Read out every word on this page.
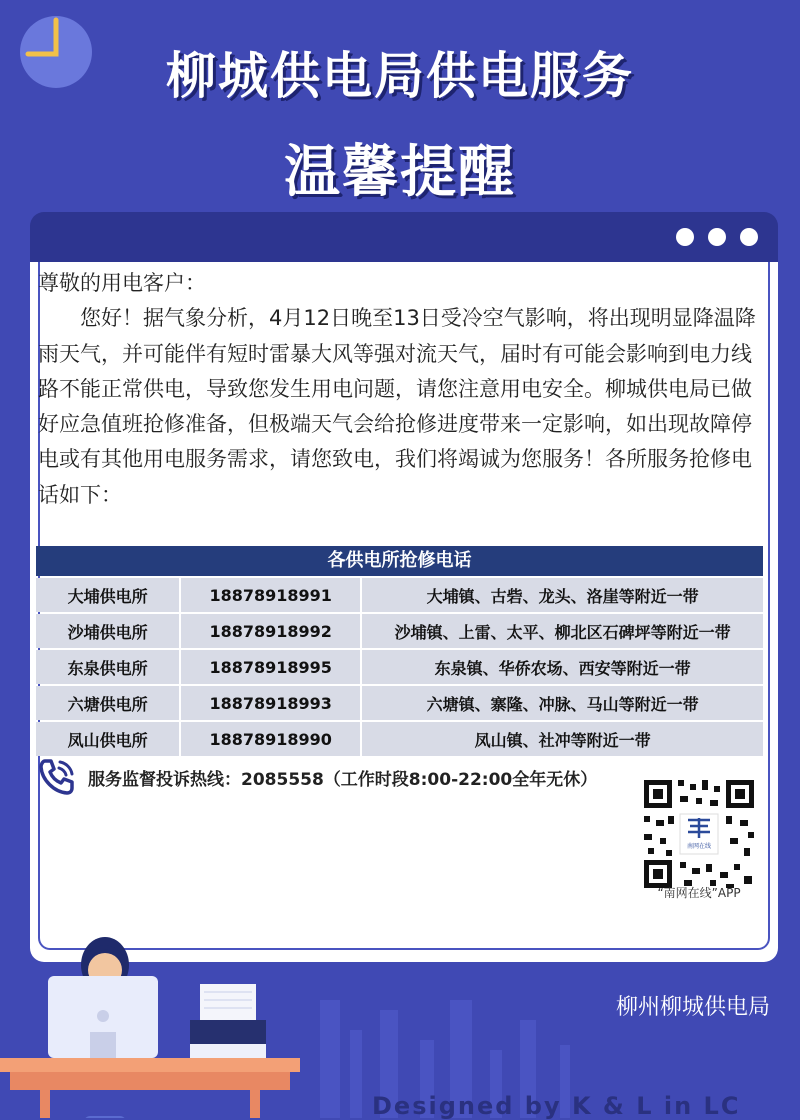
柳城供电局供电服务
温馨提醒

尊敬的用电客户：

您好！据气象分析，4月12日晚至13日受冷空气影响，将出现明显降温降雨天气，并可能伴有短时雷暴大风等强对流天气，届时有可能会影响到电力线路不能正常供电，导致您发生用电问题，请您注意用电安全。柳城供电局已做好应急值班抢修准备，但极端天气会给抢修进度带来一定影响，如出现故障停电或有其他用电服务需求，请您致电，我们将竭诚为您服务！各所服务抢修电话如下：

各供电所抢修电话
大埔供电所	18878918991	大埔镇、古砦、龙头、洛崖等附近一带
沙埔供电所	18878918992	沙埔镇、上雷、太平、柳北区石碑坪等附近一带
东泉供电所	18878918995	东泉镇、华侨农场、西安等附近一带
六塘供电所	18878918993	六塘镇、寨隆、冲脉、马山等附近一带
凤山供电所	18878918990	凤山镇、社冲等附近一带
服务监督投诉热线：2085558（工作时段8:00-22:00全年无休）
南网在线
“南网在线”APP
柳州柳城供电局
Designed by K & L in LC
